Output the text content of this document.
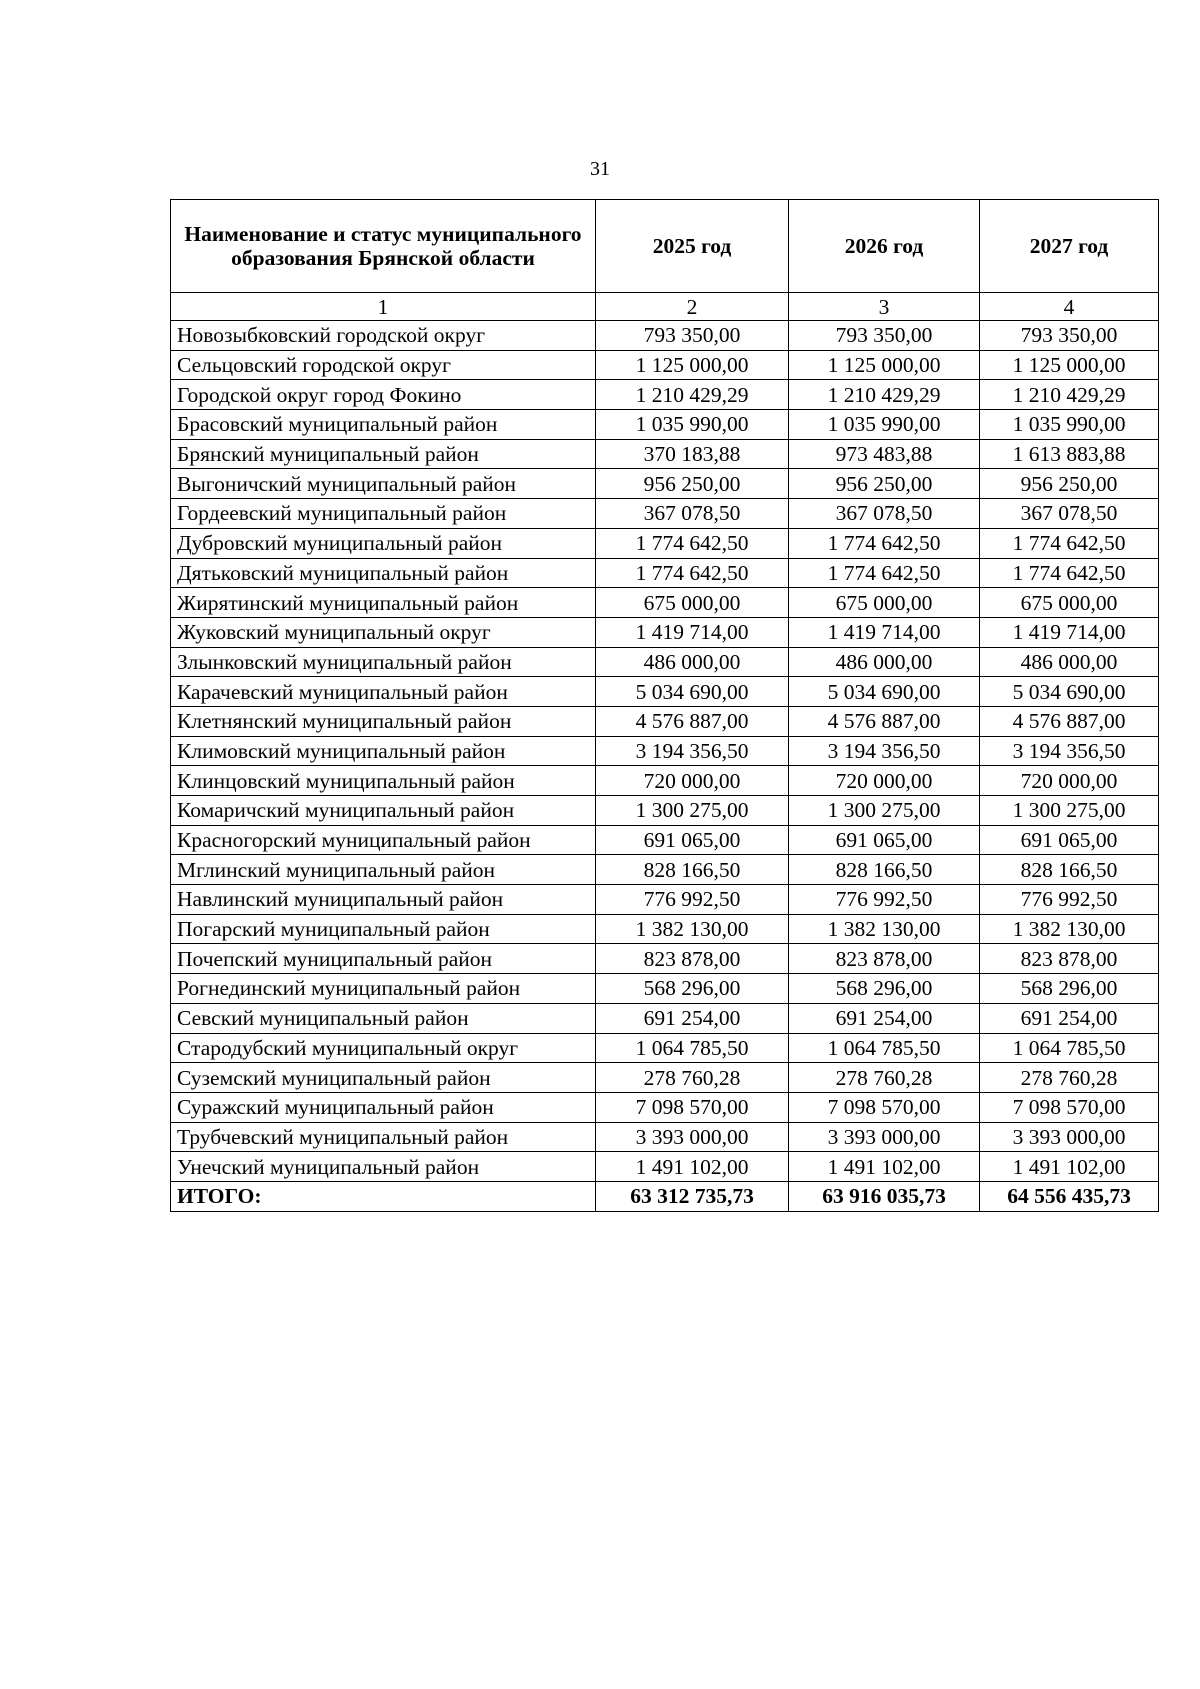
31
Наименование и статус муниципального образования Брянской области	2025 год	2026 год	2027 год
1	2	3	4
Новозыбковский городской округ	793 350,00	793 350,00	793 350,00
Сельцовский городской округ	1 125 000,00	1 125 000,00	1 125 000,00
Городской округ город Фокино	1 210 429,29	1 210 429,29	1 210 429,29
Брасовский муниципальный район	1 035 990,00	1 035 990,00	1 035 990,00
Брянский муниципальный район	370 183,88	973 483,88	1 613 883,88
Выгоничский муниципальный район	956 250,00	956 250,00	956 250,00
Гордеевский муниципальный район	367 078,50	367 078,50	367 078,50
Дубровский муниципальный район	1 774 642,50	1 774 642,50	1 774 642,50
Дятьковский муниципальный район	1 774 642,50	1 774 642,50	1 774 642,50
Жирятинский муниципальный район	675 000,00	675 000,00	675 000,00
Жуковский муниципальный округ	1 419 714,00	1 419 714,00	1 419 714,00
Злынковский муниципальный район	486 000,00	486 000,00	486 000,00
Карачевский муниципальный район	5 034 690,00	5 034 690,00	5 034 690,00
Клетнянский муниципальный район	4 576 887,00	4 576 887,00	4 576 887,00
Климовский муниципальный район	3 194 356,50	3 194 356,50	3 194 356,50
Клинцовский муниципальный район	720 000,00	720 000,00	720 000,00
Комаричский муниципальный район	1 300 275,00	1 300 275,00	1 300 275,00
Красногорский муниципальный район	691 065,00	691 065,00	691 065,00
Мглинский муниципальный район	828 166,50	828 166,50	828 166,50
Навлинский муниципальный район	776 992,50	776 992,50	776 992,50
Погарский муниципальный район	1 382 130,00	1 382 130,00	1 382 130,00
Почепский муниципальный район	823 878,00	823 878,00	823 878,00
Рогнединский муниципальный район	568 296,00	568 296,00	568 296,00
Севский муниципальный район	691 254,00	691 254,00	691 254,00
Стародубский муниципальный округ	1 064 785,50	1 064 785,50	1 064 785,50
Суземский муниципальный район	278 760,28	278 760,28	278 760,28
Суражский муниципальный район	7 098 570,00	7 098 570,00	7 098 570,00
Трубчевский муниципальный район	3 393 000,00	3 393 000,00	3 393 000,00
Унечский муниципальный район	1 491 102,00	1 491 102,00	1 491 102,00
ИТОГО:	63 312 735,73	63 916 035,73	64 556 435,73
